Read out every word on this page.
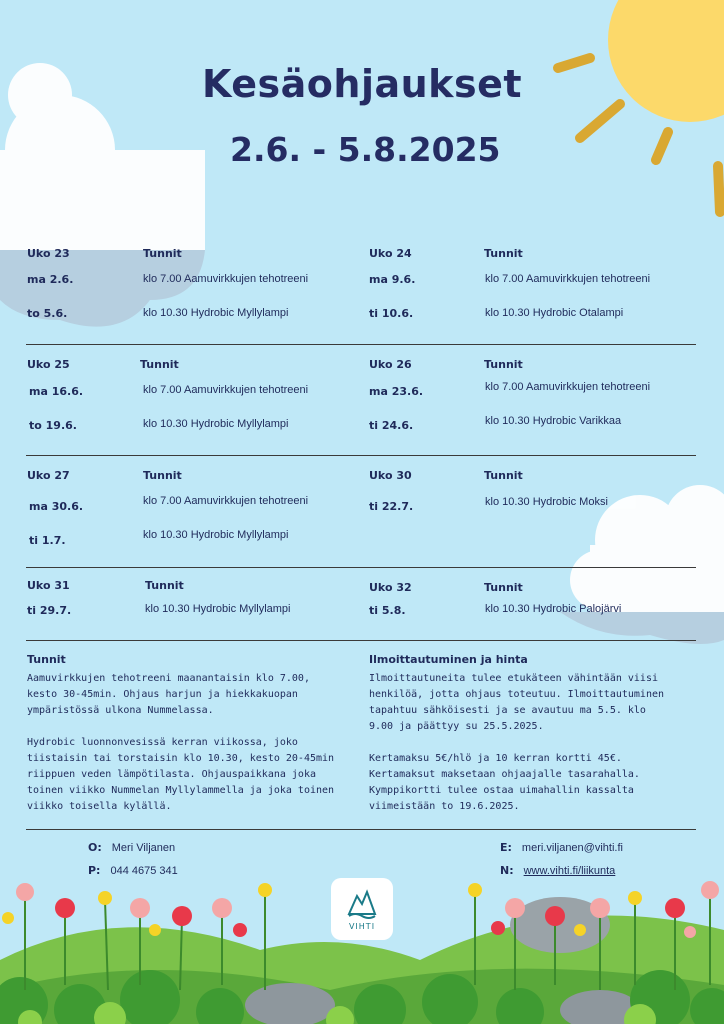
Kesäohjaukset
2.6. - 5.8.2025
Uko 23	Tunnit
ma 2.6.	klo 7.00 Aamuvirkkujen tehotreeni
to 5.6.	klo 10.30 Hydrobic Myllylampi
Uko 24	Tunnit
ma 9.6.	klo 7.00 Aamuvirkkujen tehotreeni
ti 10.6.	klo 10.30 Hydrobic Otalampi
Uko 25	Tunnit
ma 16.6.	klo 7.00 Aamuvirkkujen tehotreeni
to 19.6.	klo 10.30 Hydrobic Myllylampi
Uko 26	Tunnit
ma 23.6.	klo 7.00 Aamuvirkkujen tehotreeni
ti 24.6.	klo 10.30 Hydrobic Varikkaa
Uko 27	Tunnit
ma 30.6.	klo 7.00 Aamuvirkkujen tehotreeni
ti 1.7.	klo 10.30 Hydrobic Myllylampi
Uko 30	Tunnit
ti 22.7.	klo 10.30 Hydrobic Moksi
Uko 31	Tunnit
ti 29.7.	klo 10.30 Hydrobic Myllylampi
Uko 32	Tunnit
ti 5.8.	klo 10.30 Hydrobic Palojärvi
Tunnit

Aamuvirkkujen tehotreeni maanantaisin klo 7.00, kesto 30-45min. Ohjaus harjun ja hiekkakuopan ympäristössä ulkona Nummelassa.

Hydrobic luonnonvesissä kerran viikossa, joko tiistaisin tai torstaisin klo 10.30, kesto 20-45min riippuen veden lämpötilasta. Ohjauspaikkana joka toinen viikko Nummelan Myllylammella ja joka toinen viikko toisella kylällä.

Ilmoittautuminen ja hinta

Ilmoittautuneita tulee etukäteen vähintään viisi henkilöä, jotta ohjaus toteutuu. Ilmoittautuminen tapahtuu sähköisesti ja se avautuu ma 5.5. klo 9.00 ja päättyy su 25.5.2025.

Kertamaksu 5€/hlö ja 10 kerran kortti 45€. Kertamaksut maksetaan ohjaajalle tasarahalla. Kymppikortti tulee ostaa uimahallin kassalta viimeistään to 19.6.2025.

O: Meri Viljanen
P: 044 4675 341
E: meri.viljanen@vihti.fi
N: www.vihti.fi/liikunta
VIHTI
